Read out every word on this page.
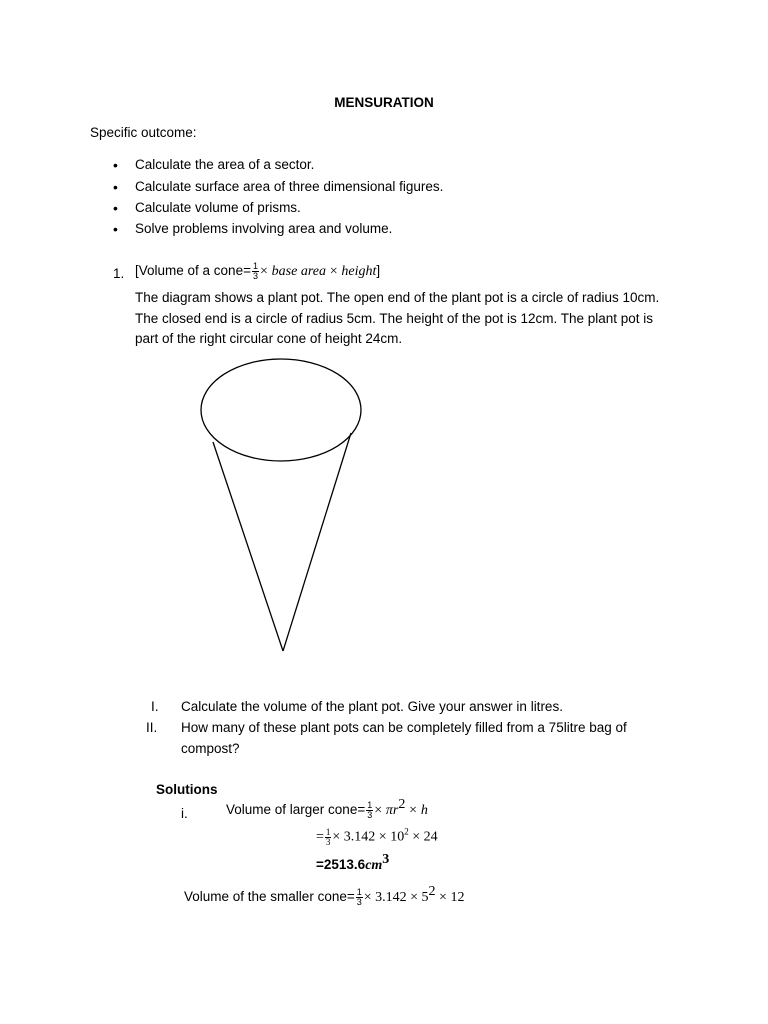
MENSURATION
Specific outcome:
• Calculate the area of a sector.
• Calculate surface area of three dimensional figures.
• Calculate volume of prisms.
• Solve problems involving area and volume.
1. [Volume of a cone= $\frac{1}{3}$ × base area × height]
The diagram shows a plant pot. The open end of the plant pot is a circle of radius 10cm.
The closed end is a circle of radius 5cm. The height of the pot is 12cm. The plant pot is
part of the right circular cone of height 24cm.
I. Calculate the volume of the plant pot. Give your answer in litres.
II. How many of these plant pots can be completely filled from a 75litre bag of
compost?
Solutions
i.	Volume of larger cone= $\frac{1}{3} \times \pi r^2 \times h$
= $\frac{1}{3} \times 3.142 \times 10^2 \times 24$
$=2513.6cm^3$
Volume of the smaller cone= $\frac{1}{3} \times 3.142 \times 5^2 \times 12$
